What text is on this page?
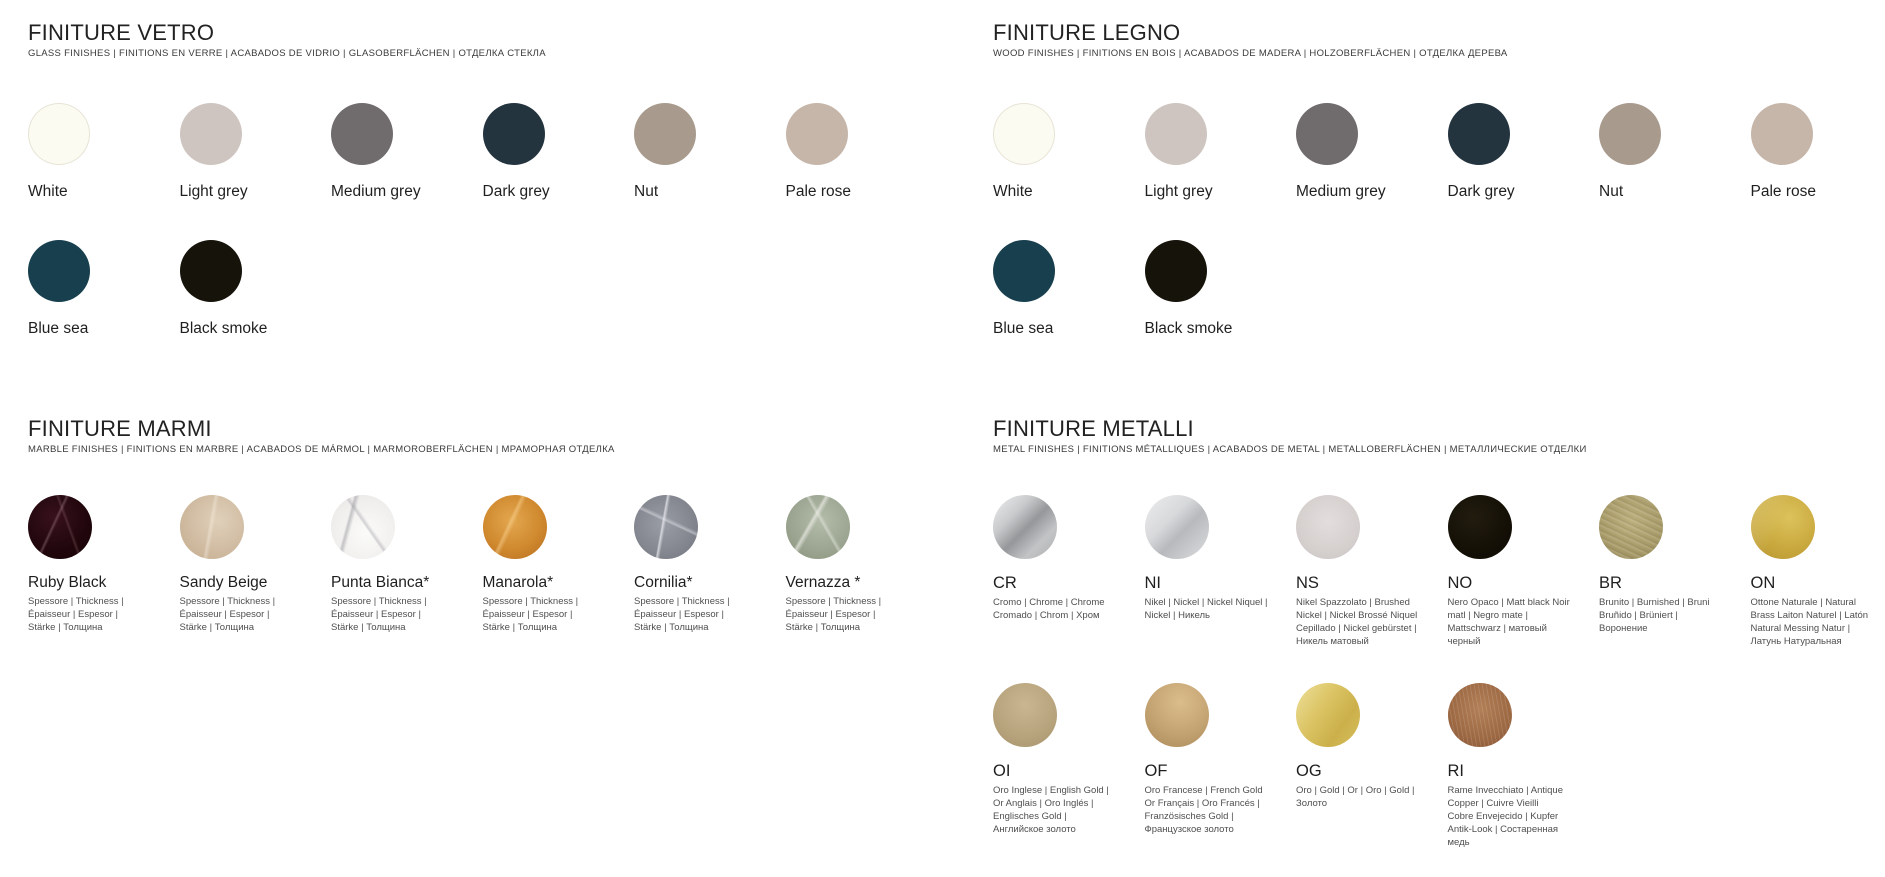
FINITURE VETRO
GLASS FINISHES | FINITIONS EN VERRE | ACABADOS DE VIDRIO | GLASOBERFLÄCHEN | ОТДЕЛКА СТЕКЛА
White	Light grey	Medium grey	Dark grey	Nut	Pale rose
Blue sea	Black smoke
FINITURE LEGNO
WOOD FINISHES | FINITIONS EN BOIS | ACABADOS DE MADERA | HOLZOBERFLÄCHEN | ОТДЕЛКА ДЕРЕВА
White	Light grey	Medium grey	Dark grey	Nut	Pale rose
Blue sea	Black smoke
FINITURE MARMI
MARBLE FINISHES | FINITIONS EN MARBRE | ACABADOS DE MÁRMOL | MARMOROBERFLÄCHEN | МРАМОРНАЯ ОТДЕЛКА
Ruby Black
Spessore | Thickness | Épaisseur | Espesor | Stärke | Толщина
Sandy Beige
Spessore | Thickness | Épaisseur | Espesor | Stärke | Толщина
Punta Bianca*
Spessore | Thickness | Épaisseur | Espesor | Stärke | Толщина
Manarola*
Spessore | Thickness | Épaisseur | Espesor | Stärke | Толщина
Cornilia*
Spessore | Thickness | Épaisseur | Espesor | Stärke | Толщина
Vernazza *
Spessore | Thickness | Épaisseur | Espesor | Stärke | Толщина
FINITURE METALLI
METAL FINISHES | FINITIONS MÉTALLIQUES | ACABADOS DE METAL | METALLOBERFLÄCHEN | МЕТАЛЛИЧЕСКИЕ ОТДЕЛКИ
CR
Cromo | Chrome | Chrome Cromado | Chrom | Хром
NI
Nikel | Nickel | Nickel Niquel | Nickel | Никель
NS
Nikel Spazzolato | Brushed Nickel | Nickel Brossé Niquel Cepillado | Nickel gebürstet | Никель матовый
NO
Nero Opaco | Matt black Noir matl | Negro mate | Mattschwarz | матовый черный
BR
Brunito | Burnished | Bruni Bruñido | Brüniert | Воронение
ON
Ottone Naturale | Natural Brass Laiton Naturel | Latón Natural Messing Natur | Латунь Натуральная
OI
Oro Inglese | English Gold | Or Anglais | Oro Inglés | Englisches Gold | Английское золото
OF
Oro Francese | French Gold Or Français | Oro Francés | Französisches Gold | Французское золото
OG
Oro | Gold | Or | Oro | Gold | Золото
RI
Rame Invecchiato | Antique Copper | Cuivre Vieilli Cobre Envejecido | Kupfer Antik-Look | Состаренная медь
